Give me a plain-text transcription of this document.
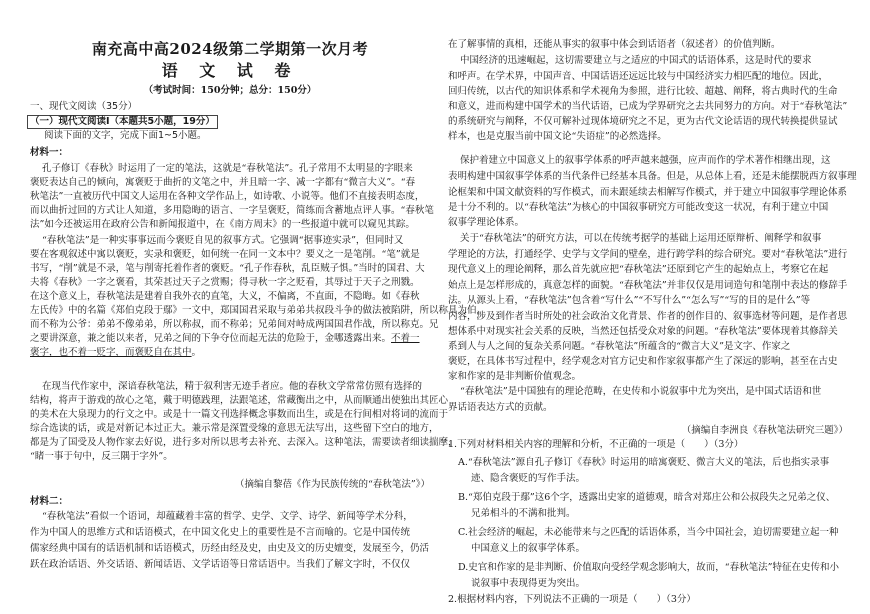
南充高中高2024级第二学期第一次月考
语 文 试 卷
（考试时间：150分钟；总分：150分）
（摘编自黎蓓《作为民族传统的“春秋笔法”》）
一、现代文阅读（35分）
（一）现代文阅读Ⅰ（本题共5小题，19分）
阅读下面的文字，完成下面1~5小题。
材料一：
孔子修订《春秋》时运用了一定的笔法，这就是“春秋笔法”。孔子常用不太明显的字眼来
褒贬表达自己的倾向，寓褒贬于曲折的文笔之中，并且暗一字、减一字都有“微言大义”。“春
秋笔法”一直被历代中国文人运用在各种文学作品上，如诗歌、小说等。他们不直接表明态度，
而以曲折过回的方式让人知道，多用隐晦的语言、一字呈褒贬，简练而含蓄地点评人事。“春秋笔
法”如今还被运用在政府公告和新闻报道中，在《南方周末》的一些报道中就可以窥见其踪。
“春秋笔法”是一种实事事远而今褒贬自见的叙事方式。它强调“据事迹实录”，但同时又
要在客观叙述中寓以褒贬，实录和褒贬，如何统一在同一文本中？要义之一是笔削。“笔”就是
书写，“削”就是不录，笔与削寄托着作者的褒贬。“孔子作春秋，乱臣贼子惧。”当时的国君、大
夫将《春秋》一字之褒看，其荣甚过天子之赏赐；得寻秋一字之贬看，其辱过于天子之刑戮。
在这个意义上，春秋笔法是建着自我外衣的直笔，大义，不偏离，不直面，不隐晦。如《春秋
左氏传》中的名篇《郑伯克段于鄢》一文中，郑国国君采取与弟弟共叔段斗争的做法被陷阱，所以称具为伯，
而不称为公爷：弟弟不像弟弟，所以称叔，而不称弟；兄弟间对峙成两国国君作战，所以称克。兄
之要讲深意，兼之能以来者，兄弟之间的下争夺位而起无法的危险于，金哪透露出来。不着一
褒字，也不着一贬字，而褒贬自在其中。
在现当代作家中，深谙春秋笔法，精于叙利害无迹手者应。他的春秋文学常常仿照有选择的
结构，将声于游戏的故心之笔，戴于明德践理，法跟笔述，常藏衡出之中，从而顺通出使独出其匠心
的美术在大泉现力的行文之中。或是十一篇文刊选择概念事数而出生，或是在行间相对将词的流而于
综合选读的话，或是对新记本过正大。兼示常是深置受缘的意思无法写出，这些留下空白的地方，
都是为了国受及人物作家去好说，进行多对所以思考去补充、去深入。这种笔法，需要读者细读揣摩，
“睹一事于句中，反三隅于字外”。
材料二：
“春秋笔法”看似一个语词，却蕴藏着丰富的哲学、史学、文学、诗学、新闻等学术分科，
作为中国人的思维方式和话语模式，在中国文化史上的重要性是不言而喻的。它是中国传统
儒家经典中国有的话语机制和话语模式，历经由经及史，由史及文的历史嬗变，发展至今，仍活
跃在政治话语、外交话语、新闻话语、文学话语等日常话语中。当我们了解文字时，不仅仅
（摘编自李洲良《春秋笔法研究三题》）
在了解事情的真相，还能从事实的叙事中体会到话语者（叙述者）的价值判断。
中国经济的迅速崛起，这切需要建立与之适应的中国式的话语体系，这是时代的要求
和呼声。在学术界，中国声音、中国话语还远远比较与中国经济实力相匹配的地位。因此，
回归传统，以古代的知识体系和学术视角为参照，进行比较、超越、阐释，将古典时代的生命
和意义，进而构建中国学术的当代话语，已成为学界研究之去共同努力的方向。对于“春秋笔法”
的系统研究与阐释，不仅可解补过现体境研究之不足，更为古代文论话语的现代转换提供显试
样本，也是克服当前中国文论“失语症”的必然选择。
保护着建立中国意义上的叙事学体系的呼声越来越强，应声而作的学术著作相继出现，这
表明构建中国叙事学体系的当代条件已经基本具备。但是，从总体上看，还是未能摆脱西方叙事理
论框架和中国文献资料的写作模式，而未跟延续去相解写作模式，并于建立中国叙事学理论体系
是十分不利的。以“春秋笔法”为核心的中国叙事研究方可能改变这一状况，有利于建立中国
叙事学理论体系。
关于“春秋笔法”的研究方法，可以在传统考据学的基础上运用还原辩析、阐释学和叙事
学理论的方法，打通经学、史学与文学间的壁垒，进行跨学科的综合研究。要对“春秋笔法”进行
现代意义上的理论阐释，那么首先就应把“春秋笔法”还原到它产生的起始点上，考察它在起
始点上是怎样形成的，真意怎样的面貌。“春秋笔法”并非仅仅是用词造句和笔削中表达的修辞手
法。从源头上看，“春秋笔法”包含着“写什么”“不写什么”“怎么写”“写的目的是什么”等
内容，涉及到作者当时所处的社会政治文化背景、作者的创作目的、叙事选材等问题，是作者思
想体系中对现实社会关系的反映，当然还包括受众对象的问题。“春秋笔法”要体现着其修辞关
系到人与人之间的复杂关系问题。“春秋笔法”所蕴含的“微言大义”是文字、作家之
褒贬，在具体书写过程中，经学观念对官方记史和作家叙事都产生了深远的影响，甚至在古史
家和作家的是非判断价值观念。
“春秋笔法”是中国独有的理论范畴，在史传和小说叙事中尤为突出，是中国式话语和世
界话语表达方式的贡献。
1.下列对材料相关内容的理解和分析，不正确的一项是（　　）（3分）
A.“春秋笔法”源自孔子修订《春秋》时运用的暗寓褒贬、微言大义的笔法，后也指实录事
迹、隐含褒贬的写作手法。
B.“郑伯克段于鄢”这6个字，透露出史家的道德观，暗含对郑庄公和公叔段失之兄弟之仪、
兄弟相斗的不满和批判。
C.社会经济的崛起，未必能带来与之匹配的话语体系，当今中国社会，迫切需要建立起一种
中国意义上的叙事学体系。
D.史官和作家的是非判断、价值取向受经学观念影响大，故而，“春秋笔法”特征在史传和小
说叙事中表现得更为突出。
2.根据材料内容，下列说法不正确的一项是（　　）（3分）
